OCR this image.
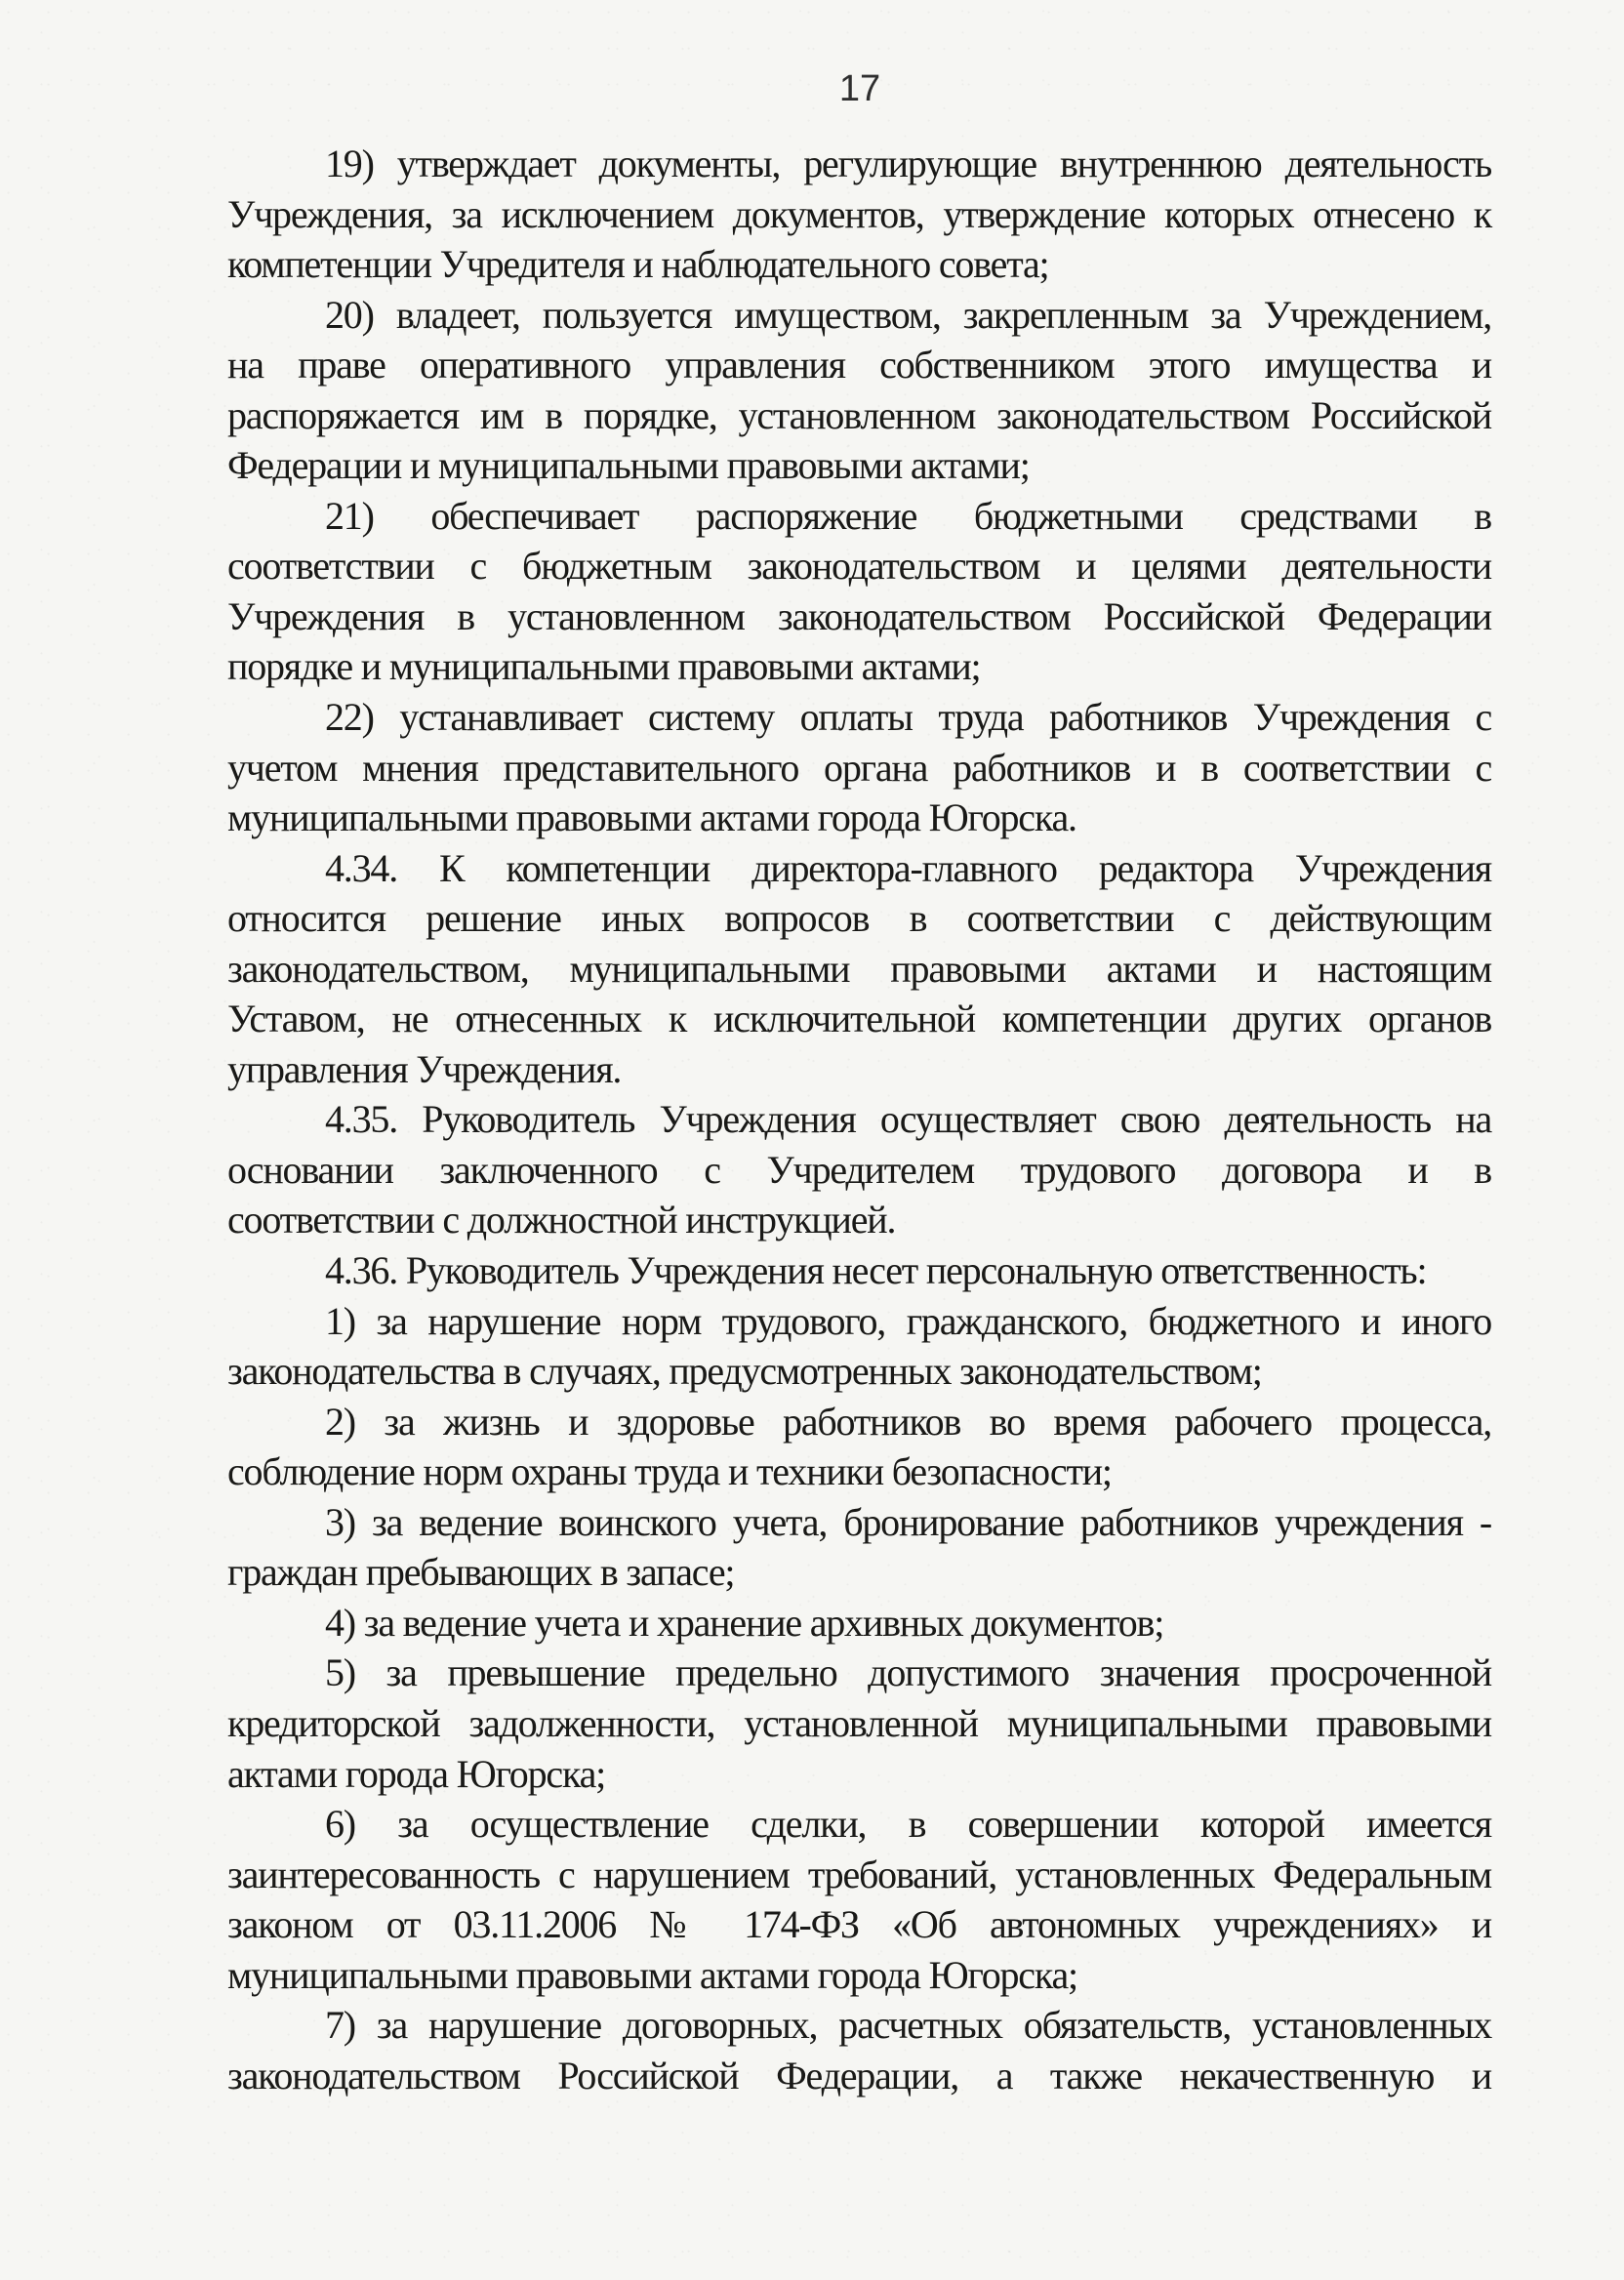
17

19) утверждает документы, регулирующие внутреннюю деятельность
Учреждения, за исключением документов, утверждение которых отнесено к
компетенции Учредителя и наблюдательного совета;

20) владеет, пользуется имуществом, закрепленным за Учреждением,
на праве оперативного управления собственником этого имущества и
распоряжается им в порядке, установленном законодательством Российской
Федерации и муниципальными правовыми актами;

21) обеспечивает распоряжение бюджетными средствами в
соответствии с бюджетным законодательством и целями деятельности
Учреждения в установленном законодательством Российской Федерации
порядке и муниципальными правовыми актами;

22) устанавливает систему оплаты труда работников Учреждения с
учетом мнения представительного органа работников и в соответствии с
муниципальными правовыми актами города Югорска.

4.34. К компетенции директора-главного редактора Учреждения
относится решение иных вопросов в соответствии с действующим
законодательством, муниципальными правовыми актами и настоящим
Уставом, не отнесенных к исключительной компетенции других органов
управления Учреждения.

4.35. Руководитель Учреждения осуществляет свою деятельность на
основании заключенного с Учредителем трудового договора и в
соответствии с должностной инструкцией.

4.36. Руководитель Учреждения несет персональную ответственность:

1) за нарушение норм трудового, гражданского, бюджетного и иного
законодательства в случаях, предусмотренных законодательством;

2) за жизнь и здоровье работников во время рабочего процесса,
соблюдение норм охраны труда и техники безопасности;

3) за ведение воинского учета, бронирование работников учреждения -
граждан пребывающих в запасе;

4) за ведение учета и хранение архивных документов;

5) за превышение предельно допустимого значения просроченной
кредиторской задолженности, установленной муниципальными правовыми
актами города Югорска;

6) за осуществление сделки, в совершении которой имеется
заинтересованность с нарушением требований, установленных Федеральным
законом от 03.11.2006 № 174-ФЗ «Об автономных учреждениях» и
муниципальными правовыми актами города Югорска;

7) за нарушение договорных, расчетных обязательств, установленных
законодательством Российской Федерации, а также некачественную и
